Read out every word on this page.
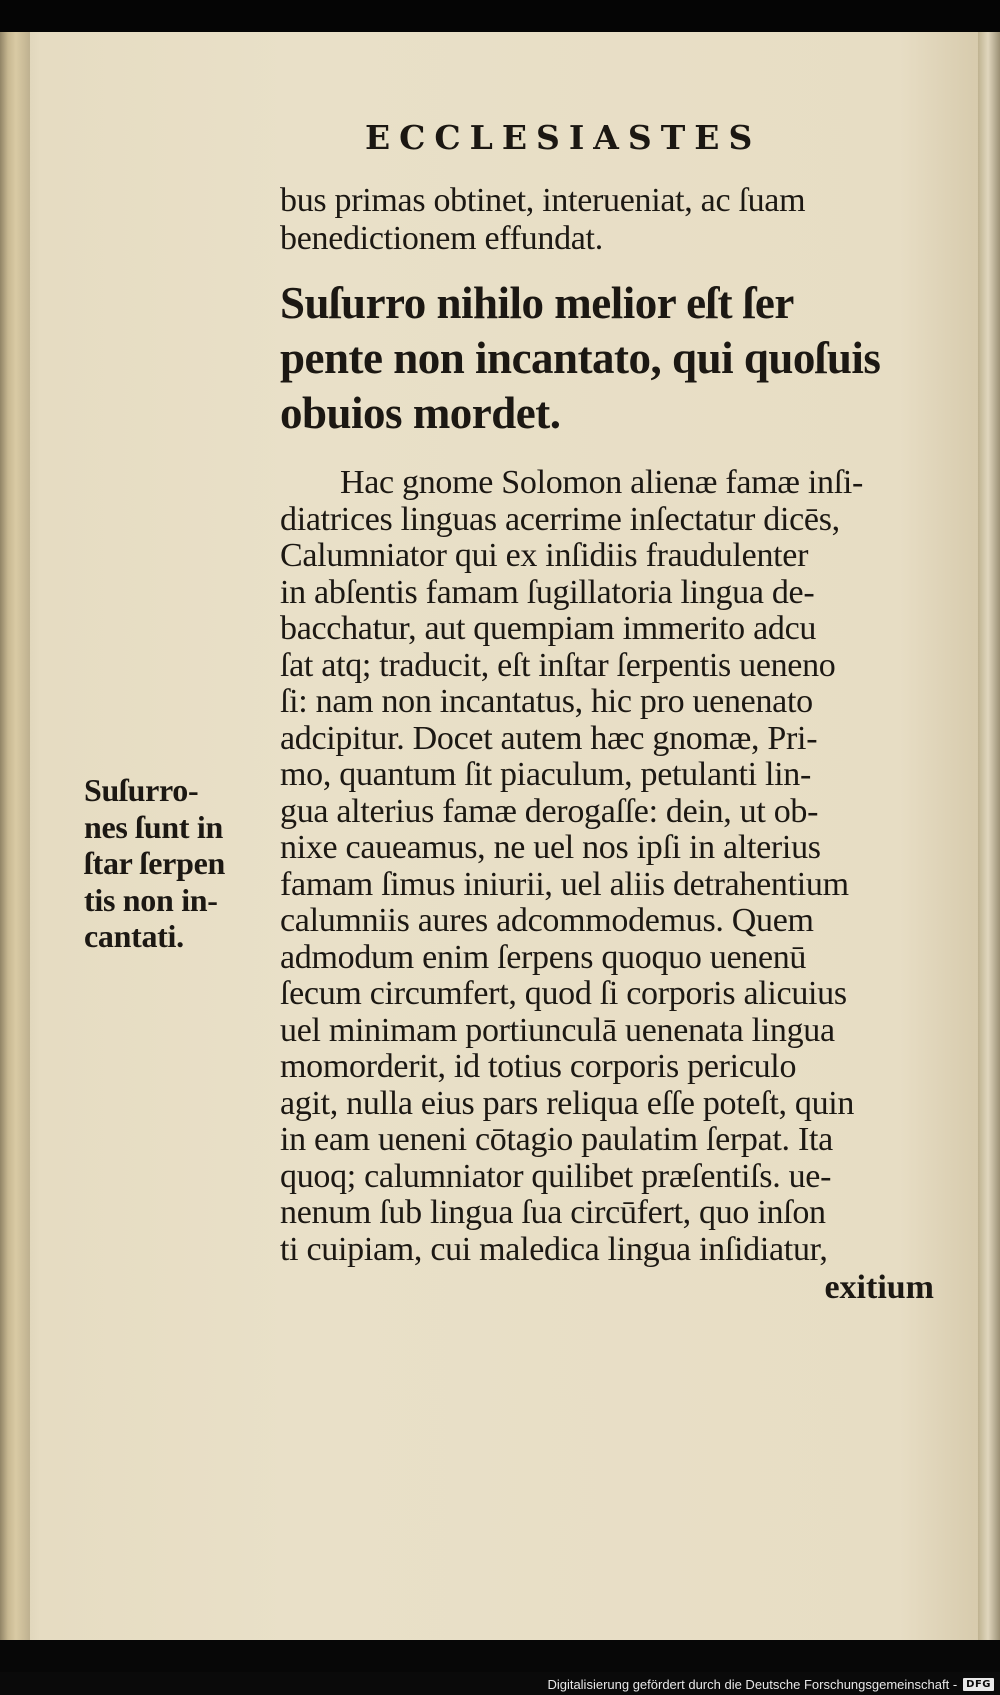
ECCLESIASTES
bus primas obtinet, interueniat, ac ſuam
benedictionem effundat.
Suſurro nihilo melior eſt ſer
pente non incantato, qui quoſuis
obuios mordet.
Hac gnome Solomon alienæ famæ inſi-
diatrices linguas acerrime inſectatur dicēs,
Calumniator qui ex inſidiis fraudulenter
in abſentis famam ſugillatoria lingua de-
bacchatur, aut quempiam immerito adcu
ſat atq; traducit, eſt inſtar ſerpentis ueneno
ſi: nam non incantatus, hic pro uenenato
adcipitur. Docet autem hæc gnomæ, Pri-
mo, quantum ſit piaculum, petulanti lin-
gua alterius famæ derogaſſe: dein, ut ob-
nixe caueamus, ne uel nos ipſi in alterius
famam ſimus iniurii, uel aliis detrahentium
calumniis aures adcommodemus. Quem
admodum enim ſerpens quoquo uenenū
ſecum circumfert, quod ſi corporis alicuius
uel minimam portiunculā uenenata lingua
momorderit, id totius corporis periculo
agit, nulla eius pars reliqua eſſe poteſt, quin
in eam ueneni cōtagio paulatim ſerpat. Ita
quoq; calumniator quilibet præſentiſs. ue-
nenum ſub lingua ſua circūfert, quo inſon
ti cuipiam, cui maledica lingua inſidiatur,
exitium
Suſurro-
nes ſunt in
ſtar ſerpen
tis non in-
cantati.
Digitalisierung gefördert durch die Deutsche Forschungsgemeinschaft - DFG
